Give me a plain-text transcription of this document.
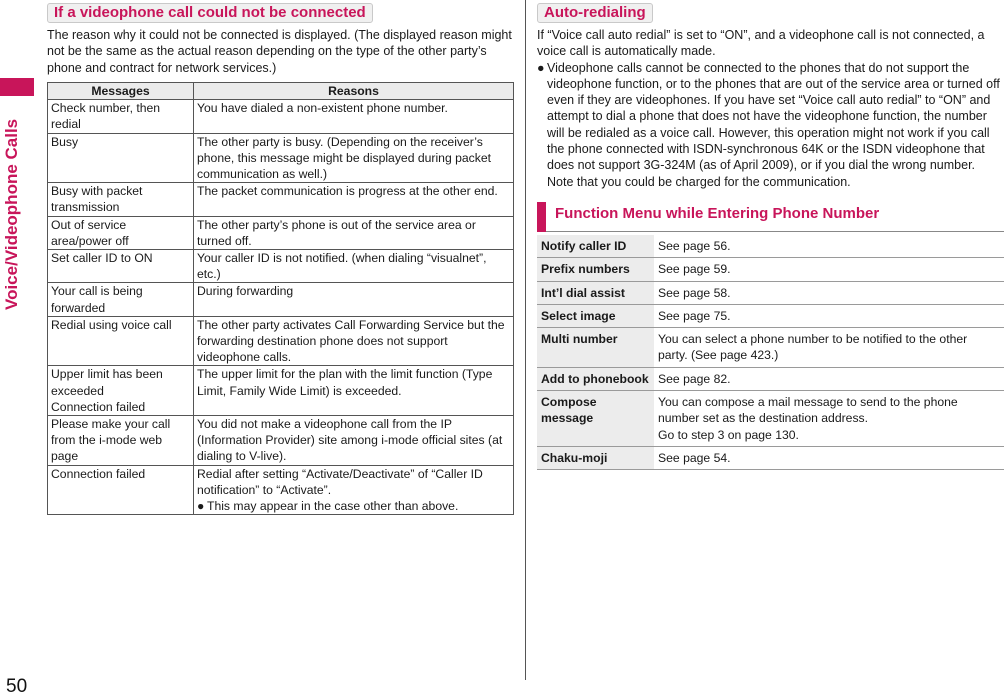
Voice/Videophone Calls
50
If a videophone call could not be connected

The reason why it could not be connected is displayed. (The displayed reason might not be the same as the actual reason depending on the type of the other party’s phone and contract for network services.)

Messages	Reasons
Check number, then redial	You have dialed a non-existent phone number.
Busy	The other party is busy. (Depending on the receiver’s phone, this message might be displayed during packet communication as well.)
Busy with packet transmission	The packet communication is progress at the other end.
Out of service area/power off	The other party’s phone is out of the service area or turned off.
Set caller ID to ON	Your caller ID is not notified. (when dialing “visualnet”, etc.)
Your call is being forwarded	During forwarding
Redial using voice call	The other party activates Call Forwarding Service but the forwarding destination phone does not support videophone calls.

Upper limit has been exceeded
Connection failed	The upper limit for the plan with the limit function (Type Limit, Family Wide Limit) is exceeded.
Please make your call from the i-mode web page	You did not make a videophone call from the IP (Information Provider) site among i-mode official sites (at dialing to V-live).
Connection failed	Redial after setting “Activate/Deactivate” of “Caller ID notification” to “Activate”.
● This may appear in the case other than above.
Auto-redialing

If “Voice call auto redial” is set to “ON”, and a videophone call is not connected, a voice call is automatically made.

● Videophone calls cannot be connected to the phones that do not support the videophone function, or to the phones that are out of the service area or turned off even if they are videophones. If you have set “Voice call auto redial” to “ON” and attempt to dial a phone that does not have the videophone function, the number will be redialed as a voice call. However, this operation might not work if you call the phone connected with ISDN-synchronous 64K or the ISDN videophone that does not support 3G-324M (as of April 2009), or if you dial the wrong number. Note that you could be charged for the communication.
Function Menu while Entering Phone Number
Notify caller ID	See page 56.
Prefix numbers	See page 59.
Int’l dial assist	See page 58.
Select image	See page 75.
Multi number	You can select a phone number to be notified to the other party. (See page 423.)
Add to phonebook	See page 82.
Compose message	You can compose a mail message to send to the phone number set as the destination address.
Go to step 3 on page 130.

Chaku-moji	See page 54.
